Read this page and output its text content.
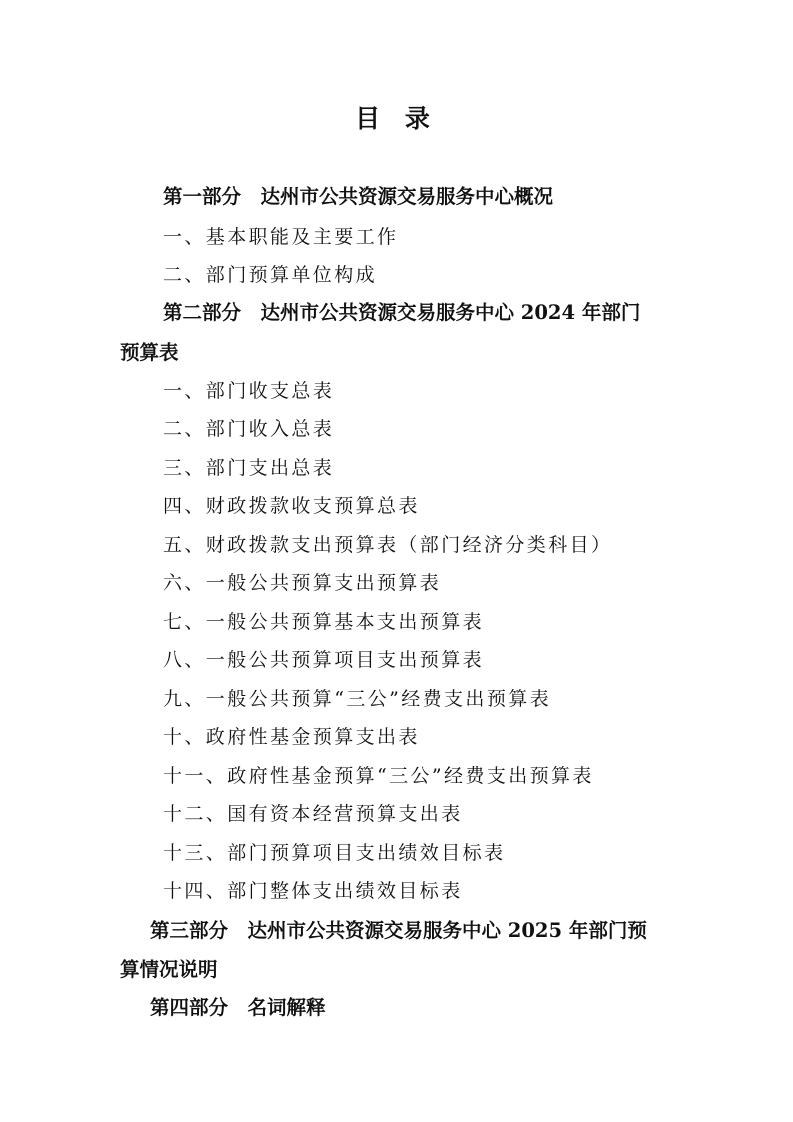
目 录
第一部分　达州市公共资源交易服务中心概况
一、基本职能及主要工作
二、部门预算单位构成
第二部分　达州市公共资源交易服务中心 2024 年部门
预算表
一、部门收支总表
二、部门收入总表
三、部门支出总表
四、财政拨款收支预算总表
五、财政拨款支出预算表（部门经济分类科目）
六、一般公共预算支出预算表
七、一般公共预算基本支出预算表
八、一般公共预算项目支出预算表
九、一般公共预算“三公”经费支出预算表
十、政府性基金预算支出表
十一、政府性基金预算“三公”经费支出预算表
十二、国有资本经营预算支出表
十三、部门预算项目支出绩效目标表
十四、部门整体支出绩效目标表
第三部分　达州市公共资源交易服务中心 2025 年部门预
算情况说明
第四部分　名词解释
